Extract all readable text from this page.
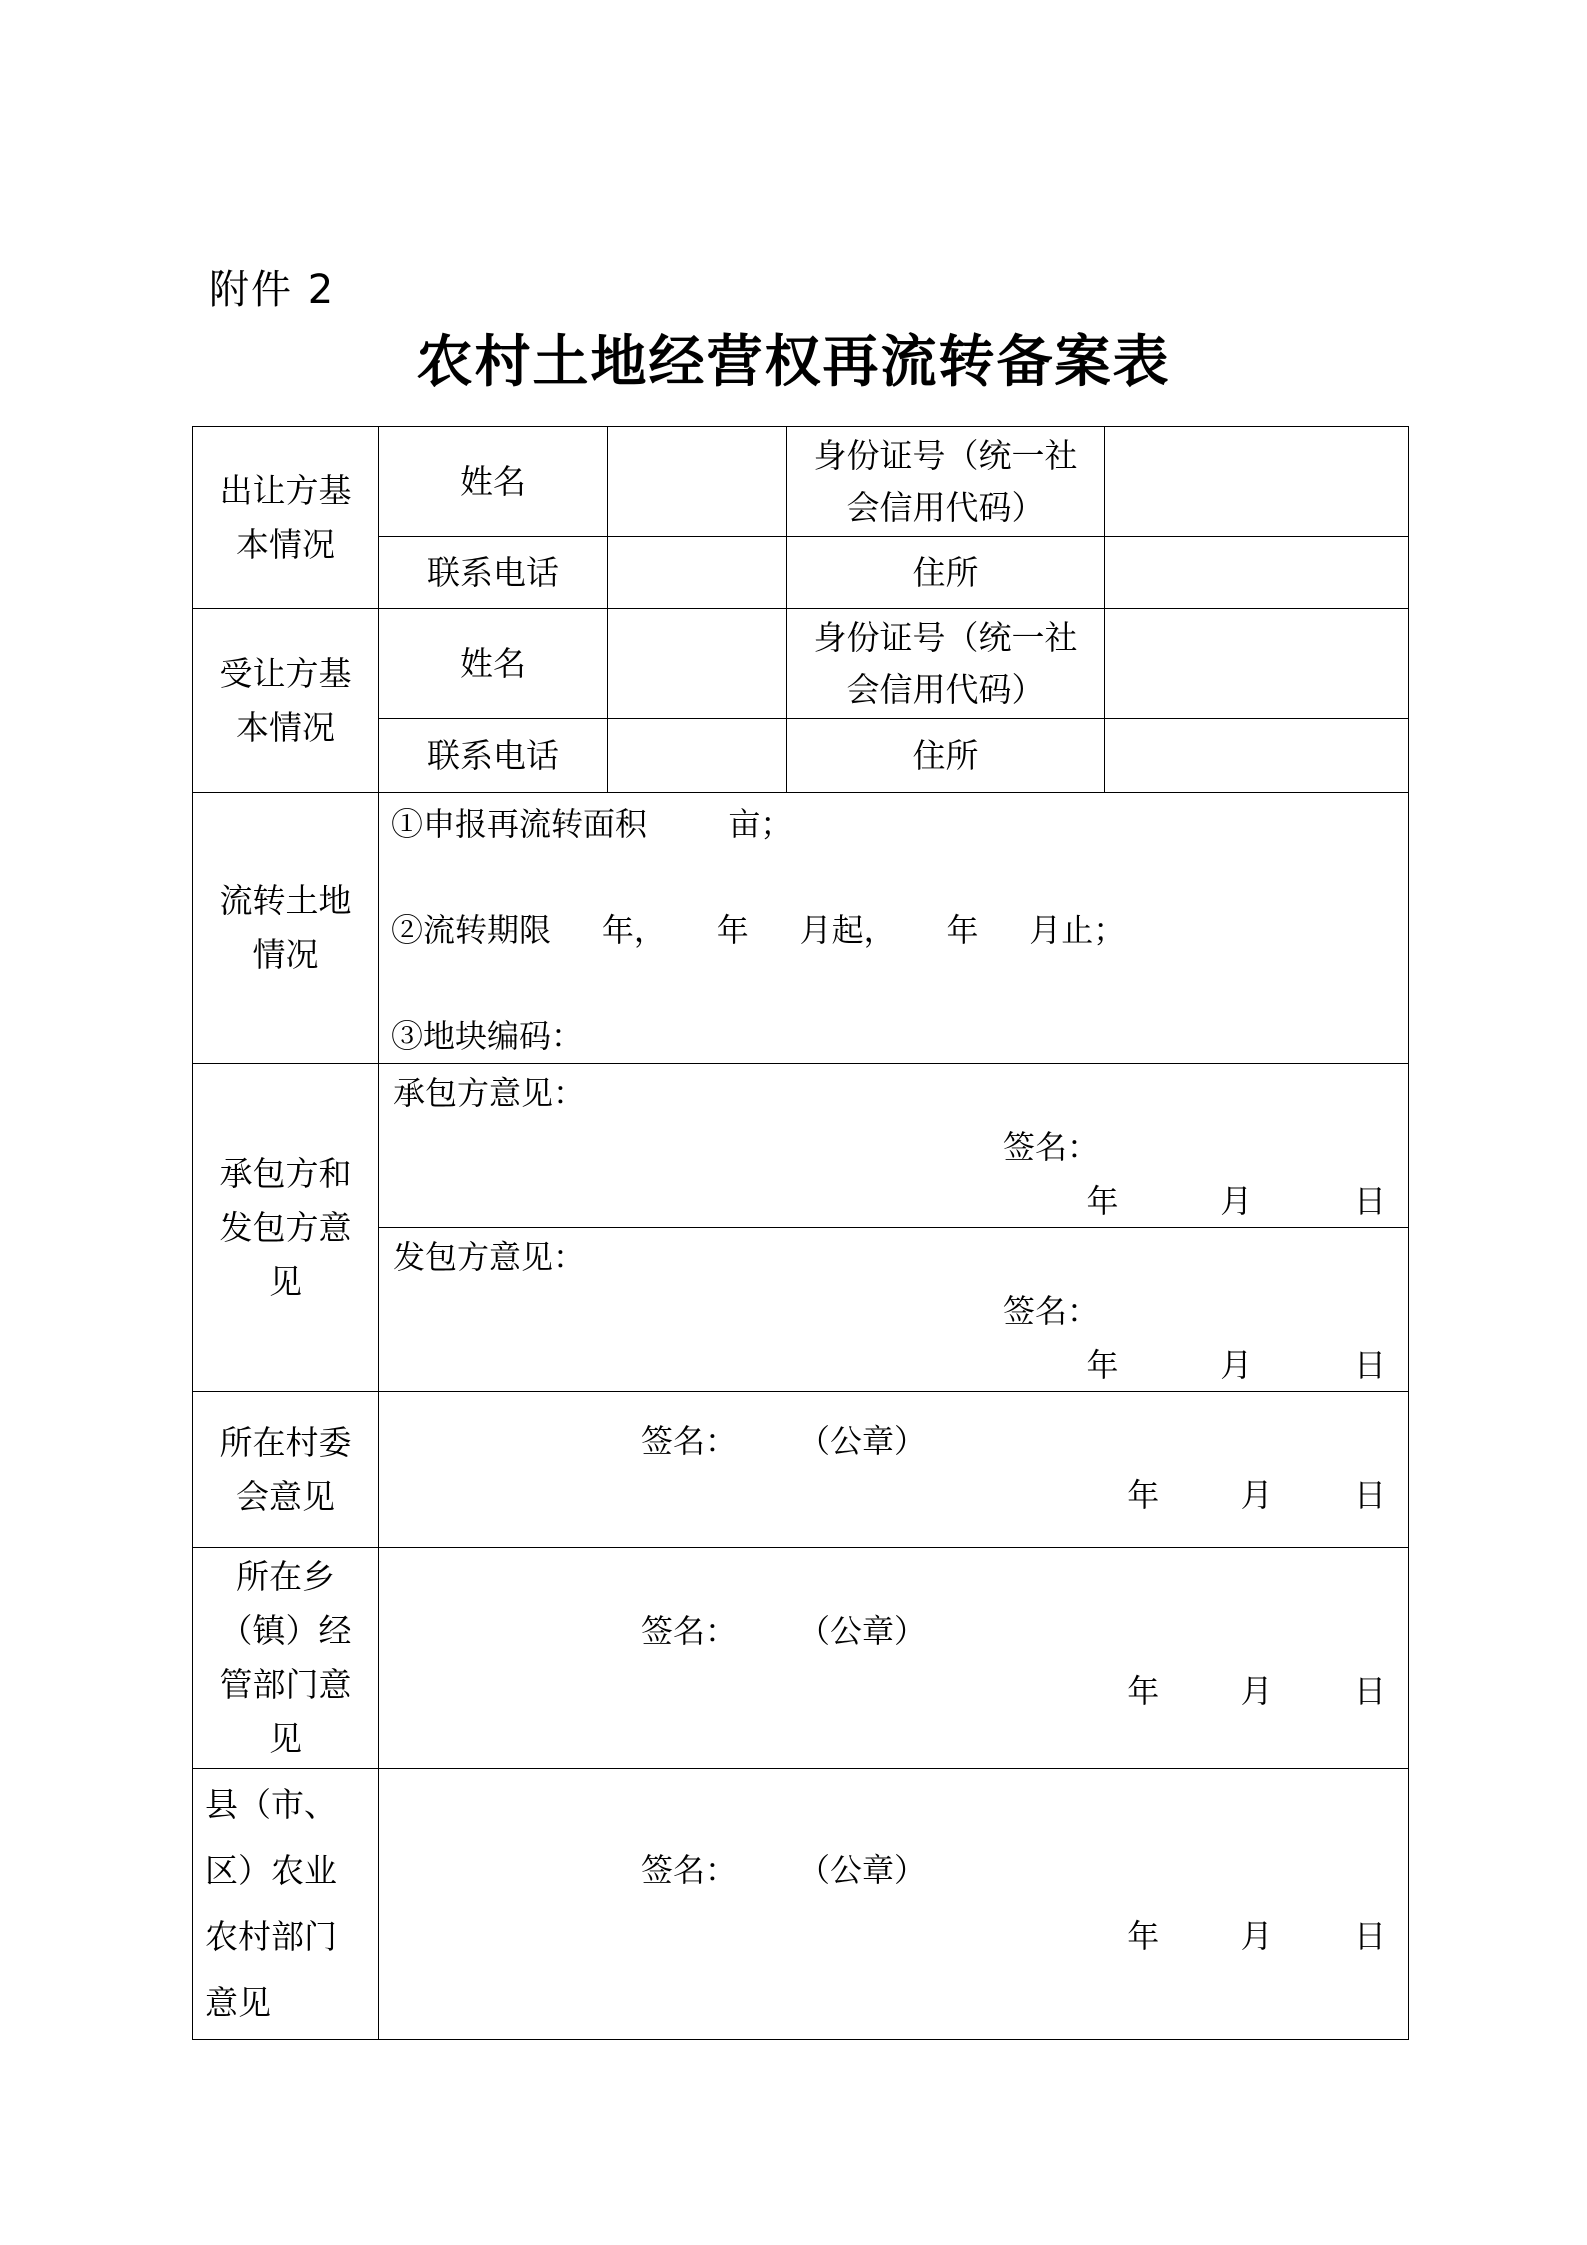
附件 2
农村土地经营权再流转备案表
出让方基本情况	姓名		身份证号（统一社会信用代码）	
	联系电话		住所	
受让方基本情况	姓名		身份证号（统一社会信用代码）	
	联系电话		住所	
流转土地情况	①申报再流转面积        亩；
②流转期限     年，     年     月起，     年     月止；
③地块编码：			

承包方和发包方意见	承包方意见：
签名：
年          月          日			

	发包方意见：
签名：
年          月          日			

所在村委会意见	签名：      （公章）
年        月        日			

所在乡（镇）经管部门意见	签名：      （公章）
年        月        日			

县（市、区）农业农村部门意见	签名：      （公章）
年        月        日			
